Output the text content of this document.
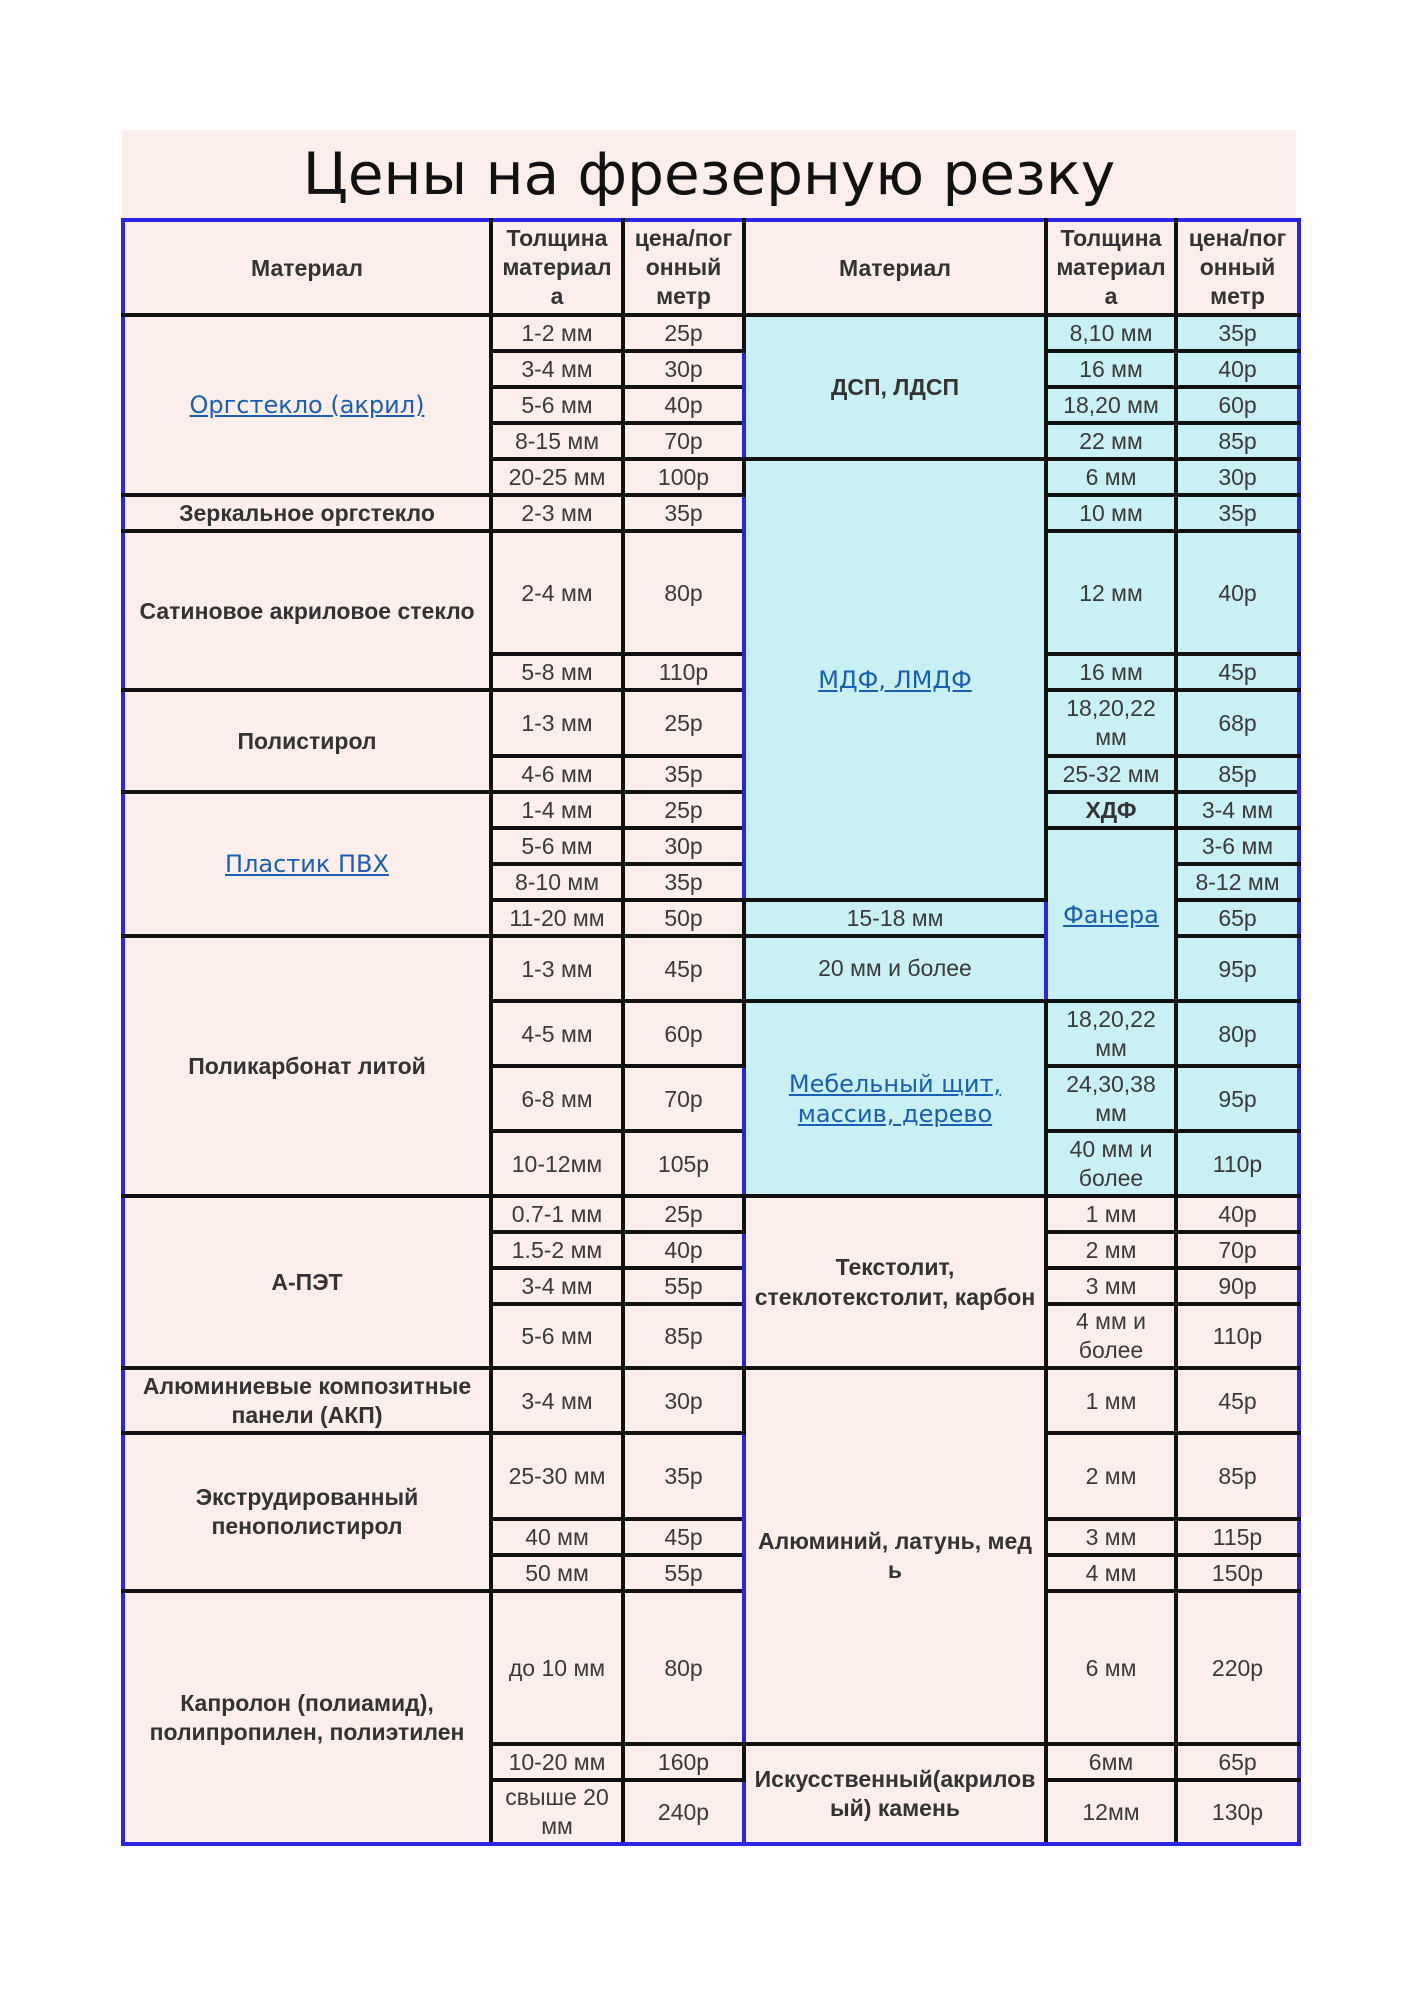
Цены на фрезерную резку
Материал	Толщина материал а	цена/пог онный метр	Материал	Толщина материал а	цена/пог онный метр	
Оргстекло (акрил)	1-2 мм	25р	ДСП, ЛДСП	8,10 мм	35р	
	3-4 мм	30р		16 мм	40р	
	5-6 мм	40р		18,20 мм	60р	
	8-15 мм	70р		22 мм	85р	
	20-25 мм	100р	МДФ, ЛМДФ	6 мм	30р	
Зеркальное оргстекло	2-3 мм	35р		10 мм	35р	
Сатиновое акриловое стекло	2-4 мм	80р		12 мм	40р	
	5-8 мм	110р		16 мм	45р	
Полистирол	1-3 мм	25р		18,20,22 мм	68р	
	4-6 мм	35р		25-32 мм	85р	
Пластик ПВХ	1-4 мм	25р		ХДФ	3-4 мм	
	5-6 мм	30р		Фанера	3-6 мм	
	8-10 мм	35р			8-12 мм	
	11-20 мм	50р	15-18 мм		65р	
Поликарбонат литой	1-3 мм	45р	20 мм и более		95р	
	4-5 мм	60р	Мебельный щит, массив, дерево	18,20,22 мм	80р	
	6-8 мм	70р		24,30,38 мм	95р	
	10-12мм	105р		40 мм и более	110р	
А-ПЭТ	0.7-1 мм	25р	Текстолит, стеклотекстолит, карбон	1 мм	40р	
	1.5-2 мм	40р		2 мм	70р	
	3-4 мм	55р		3 мм	90р	
	5-6 мм	85р		4 мм и более	110р	
Алюминиевые композитные панели (АКП)	3-4 мм	30р	Алюминий, латунь, мед ь	1 мм	45р	
Экструдированный пенополистирол	25-30 мм	35р		2 мм	85р	
	40 мм	45р		3 мм	115р	
	50 мм	55р		4 мм	150р	
Капролон (полиамид), полипропилен, полиэтилен	до 10 мм	80р		6 мм	220р	
	10-20 мм	160р	Искусственный(акрилов ый) камень	6мм	65р	
	свыше 20 мм	240р		12мм	130р	
